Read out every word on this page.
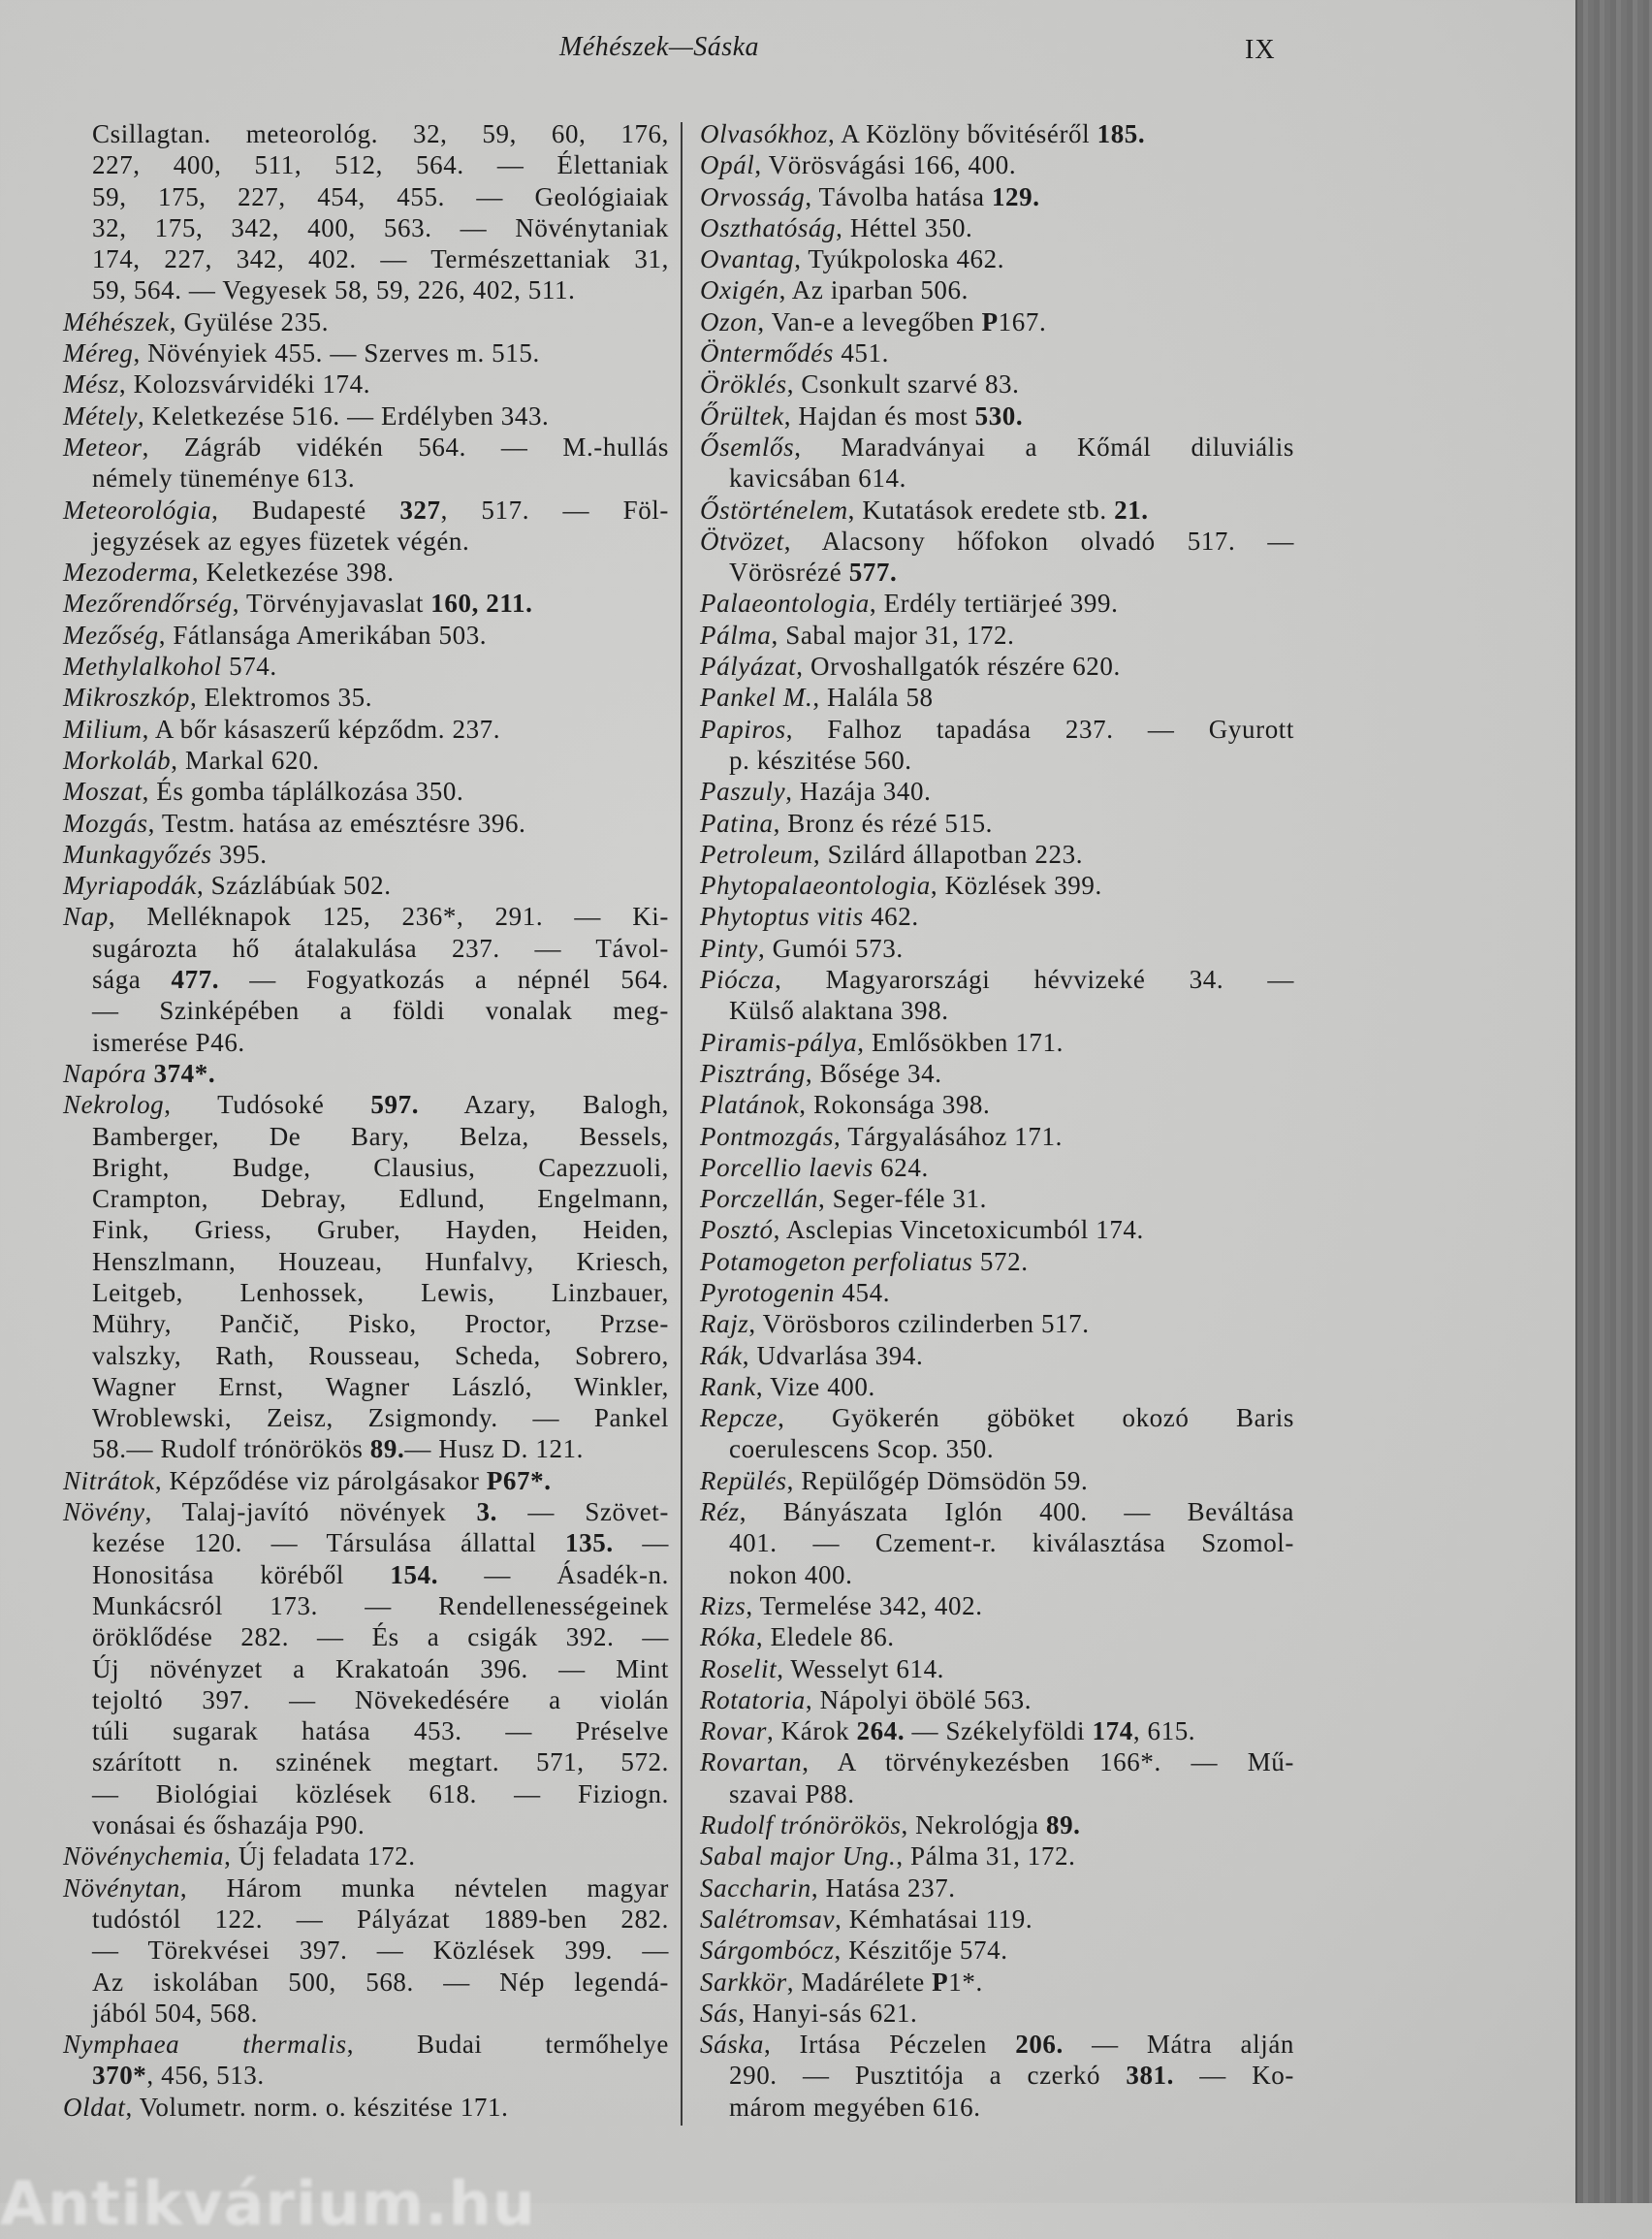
Méhészek—Sáska	IX
Csillagtan. meteorológ. 32, 59, 60, 176,
227, 400, 511, 512, 564. — Élettaniak
59, 175, 227, 454, 455. — Geológiaiak
32, 175, 342, 400, 563. — Növénytaniak
174, 227, 342, 402. — Természettaniak 31,
59, 564. — Vegyesek 58, 59, 226, 402, 511.
Méhészek, Gyülése 235.
Méreg, Növényiek 455. — Szerves m. 515.
Mész, Kolozsvárvidéki 174.
Métely, Keletkezése 516. — Erdélyben 343.
Meteor, Zágráb vidékén 564. — M.-hullás
némely tüneménye 613.
Meteorológia, Budapesté 327, 517. — Föl-
jegyzések az egyes füzetek végén.
Mezoderma, Keletkezése 398.
Mezőrendőrség, Törvényjavaslat 160, 211.
Mezőség, Fátlansága Amerikában 503.
Methylalkohol 574.
Mikroszkóp, Elektromos 35.
Milium, A bőr kásaszerű képződm. 237.
Morkoláb, Markal 620.
Moszat, És gomba táplálkozása 350.
Mozgás, Testm. hatása az emésztésre 396.
Munkagyőzés 395.
Myriapodák, Százlábúak 502.
Nap, Melléknapok 125, 236*, 291. — Ki-
sugározta hő átalakulása 237. — Távol-
sága 477. — Fogyatkozás a népnél 564.
— Szinképében a földi vonalak meg-
ismerése P46.
Napóra 374*.
Nekrolog, Tudósoké 597. Azary, Balogh,
Bamberger, De Bary, Belza, Bessels,
Bright, Budge, Clausius, Capezzuoli,
Crampton, Debray, Edlund, Engelmann,
Fink, Griess, Gruber, Hayden, Heiden,
Henszlmann, Houzeau, Hunfalvy, Kriesch,
Leitgeb, Lenhossek, Lewis, Linzbauer,
Mühry, Pančič, Pisko, Proctor, Przse-
valszky, Rath, Rousseau, Scheda, Sobrero,
Wagner Ernst, Wagner László, Winkler,
Wroblewski, Zeisz, Zsigmondy. — Pankel
58.— Rudolf trónörökös 89.— Husz D. 121.
Nitrátok, Képződése viz párolgásakor P67*.
Növény, Talaj-javító növények 3. — Szövet-
kezése 120. — Társulása állattal 135. —
Honositása köréből 154. — Ásadék-n.
Munkácsról 173. — Rendellenességeinek
öröklődése 282. — És a csigák 392. —
Új növényzet a Krakatoán 396. — Mint
tejoltó 397. — Növekedésére a violán
túli sugarak hatása 453. — Préselve
szárított n. szinének megtart. 571, 572.
— Biológiai közlések 618. — Fiziogn.
vonásai és őshazája P90.
Növénychemia, Új feladata 172.
Növénytan, Három munka névtelen magyar
tudóstól 122. — Pályázat 1889-ben 282.
— Törekvései 397. — Közlések 399. —
Az iskolában 500, 568. — Nép legendá-
jából 504, 568.
Nymphaea thermalis, Budai termőhelye
370*, 456, 513.
Oldat, Volumetr. norm. o. készitése 171.
Olvasókhoz, A Közlöny bővitéséről 185.
Opál, Vörösvágási 166, 400.
Orvosság, Távolba hatása 129.
Oszthatóság, Héttel 350.
Ovantag, Tyúkpoloska 462.
Oxigén, Az iparban 506.
Ozon, Van-e a levegőben P167.
Öntermődés 451.
Öröklés, Csonkult szarvé 83.
Őrültek, Hajdan és most 530.
Ősemlős, Maradványai a Kőmál diluviális
kavicsában 614.
Őstörténelem, Kutatások eredete stb. 21.
Ötvözet, Alacsony hőfokon olvadó 517. —
Vörösrézé 577.
Palaeontologia, Erdély tertiärjeé 399.
Pálma, Sabal major 31, 172.
Pályázat, Orvoshallgatók részére 620.
Pankel M., Halála 58
Papiros, Falhoz tapadása 237. — Gyurott
p. készitése 560.
Paszuly, Hazája 340.
Patina, Bronz és rézé 515.
Petroleum, Szilárd állapotban 223.
Phytopalaeontologia, Közlések 399.
Phytoptus vitis 462.
Pinty, Gumói 573.
Piócza, Magyarországi hévvizeké 34. —
Külső alaktana 398.
Piramis-pálya, Emlősökben 171.
Pisztráng, Bősége 34.
Platánok, Rokonsága 398.
Pontmozgás, Tárgyalásához 171.
Porcellio laevis 624.
Porczellán, Seger-féle 31.
Posztó, Asclepias Vincetoxicumból 174.
Potamogeton perfoliatus 572.
Pyrotogenin 454.
Rajz, Vörösboros czilinderben 517.
Rák, Udvarlása 394.
Rank, Vize 400.
Repcze, Gyökerén göböket okozó Baris
coerulescens Scop. 350.
Repülés, Repülőgép Dömsödön 59.
Réz, Bányászata Iglón 400. — Beváltása
401. — Czement-r. kiválasztása Szomol-
nokon 400.
Rizs, Termelése 342, 402.
Róka, Eledele 86.
Roselit, Wesselyt 614.
Rotatoria, Nápolyi öbölé 563.
Rovar, Károk 264. — Székelyföldi 174, 615.
Rovartan, A törvénykezésben 166*. — Mű-
szavai P88.
Rudolf trónörökös, Nekrológja 89.
Sabal major Ung., Pálma 31, 172.
Saccharin, Hatása 237.
Salétromsav, Kémhatásai 119.
Sárgombócz, Készitője 574.
Sarkkör, Madárélete P1*.
Sás, Hanyi-sás 621.
Sáska, Irtása Péczelen 206. — Mátra alján
290. — Pusztitója a czerkó 381. — Ko-
márom megyében 616.
Antikvárium.hu
